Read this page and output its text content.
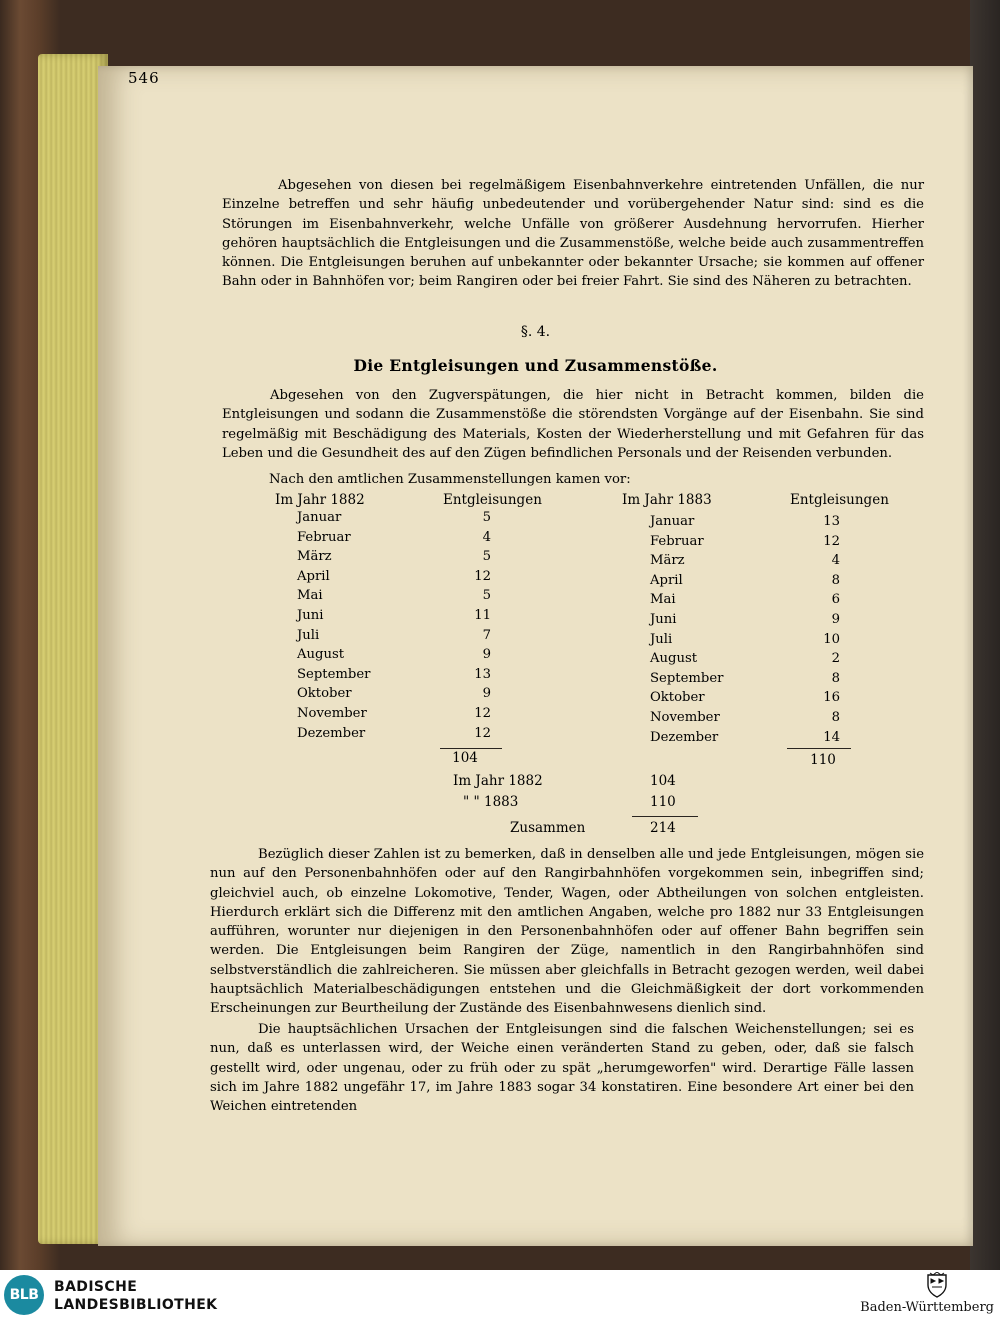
546
Abgesehen von diesen bei regelmäßigem Eisenbahnverkehre eintretenden Unfällen, die nur Einzelne betreffen und sehr häufig unbedeutender und vorübergehender Natur sind: sind es die Störungen im Eisenbahnverkehr, welche Unfälle von größerer Ausdehnung hervorrufen. Hierher gehören hauptsächlich die Entgleisungen und die Zusammenstöße, welche beide auch zusammentreffen können. Die Entgleisungen beruhen auf unbekannter oder bekannter Ursache; sie kommen auf offener Bahn oder in Bahnhöfen vor; beim Rangiren oder bei freier Fahrt. Sie sind des Näheren zu betrachten.
§. 4.
Die Entgleisungen und Zusammenstöße.
Abgesehen von den Zugverspätungen, die hier nicht in Betracht kommen, bilden die Entgleisungen und sodann die Zusammenstöße die störendsten Vorgänge auf der Eisenbahn. Sie sind regelmäßig mit Beschädigung des Materials, Kosten der Wiederherstellung und mit Gefahren für das Leben und die Gesundheit des auf den Zügen befindlichen Personals und der Reisenden verbunden.
Nach den amtlichen Zusammenstellungen kamen vor:
Im Jahr 1882	Entgleisungen
Januar	5
Februar	4
März	5
April	12
Mai	5
Juni	11
Juli	7
August	9
September	13
Oktober	9
November	12
Dezember	12
104
Im Jahr 1883	Entgleisungen
Januar	13
Februar	12
März	4
April	8
Mai	6
Juni	9
Juli	10
August	2
September	8
Oktober	16
November	8
Dezember	14
110
Im Jahr 1882	104
" " 1883	110
Zusammen	214
Bezüglich dieser Zahlen ist zu bemerken, daß in denselben alle und jede Entgleisungen, mögen sie nun auf den Personenbahnhöfen oder auf den Rangirbahnhöfen vorgekommen sein, inbegriffen sind; gleichviel auch, ob einzelne Lokomotive, Tender, Wagen, oder Abtheilungen von solchen entgleisten. Hierdurch erklärt sich die Differenz mit den amtlichen Angaben, welche pro 1882 nur 33 Entgleisungen aufführen, worunter nur diejenigen in den Personenbahnhöfen oder auf offener Bahn begriffen sein werden. Die Entgleisungen beim Rangiren der Züge, namentlich in den Rangirbahnhöfen sind selbstverständlich die zahlreicheren. Sie müssen aber gleichfalls in Betracht gezogen werden, weil dabei hauptsächlich Materialbeschädigungen entstehen und die Gleichmäßigkeit der dort vorkommenden Erscheinungen zur Beurtheilung der Zustände des Eisenbahnwesens dienlich sind.
Die hauptsächlichen Ursachen der Entgleisungen sind die falschen Weichenstellungen; sei es nun, daß es unterlassen wird, der Weiche einen veränderten Stand zu geben, oder, daß sie falsch gestellt wird, oder ungenau, oder zu früh oder zu spät „herumgeworfen" wird. Derartige Fälle lassen sich im Jahre 1882 ungefähr 17, im Jahre 1883 sogar 34 konstatiren. Eine besondere Art einer bei den Weichen eintretenden
BLB	BADISCHE
LANDESBIBLIOTHEK	Baden-Württemberg
